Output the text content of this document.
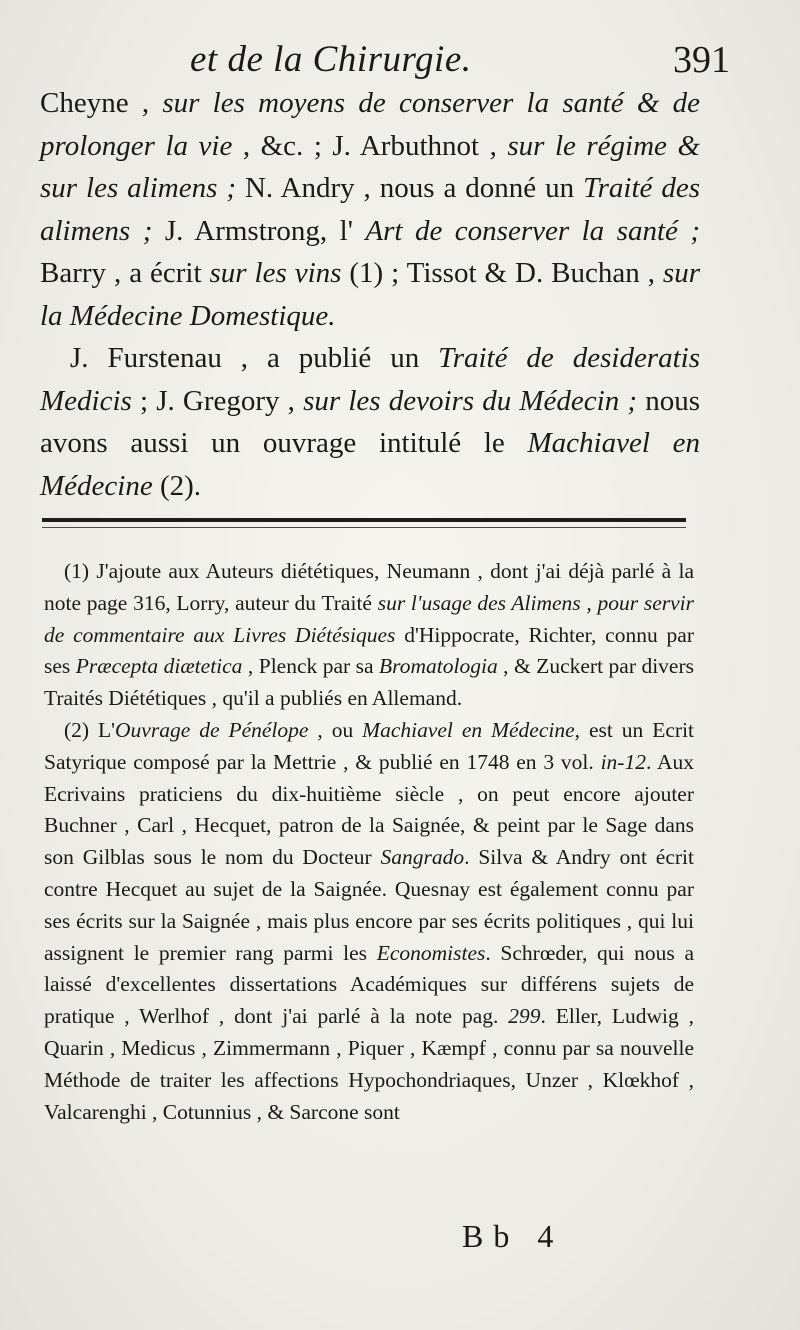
et de la Chirurgie.	391

Cheyne , sur les moyens de conserver la santé & de prolonger la vie , &c. ; J. Arbuthnot , sur le régime & sur les alimens ; N. Andry , nous a donné un Traité des alimens ; J. Armstrong, l' Art de conserver la santé ; Barry , a écrit sur les vins (1) ; Tissot & D. Buchan , sur la Médecine Domestique.

J. Furstenau , a publié un Traité de desideratis Medicis ; J. Gregory , sur les devoirs du Médecin ; nous avons aussi un ouvrage intitulé le Machiavel en Médecine (2).

(1) J'ajoute aux Auteurs diététiques, Neumann , dont j'ai déjà parlé à la note page 316, Lorry, auteur du Traité sur l'usage des Alimens , pour servir de commentaire aux Livres Diétésiques d'Hippocrate, Richter, connu par ses Præcepta diætetica , Plenck par sa Bromatologia , & Zuckert par divers Traités Diététiques , qu'il a publiés en Allemand.

(2) L'Ouvrage de Pénélope , ou Machiavel en Médecine, est un Ecrit Satyrique composé par la Mettrie , & publié en 1748 en 3 vol. in-12. Aux Ecrivains praticiens du dix-huitième siècle , on peut encore ajouter Buchner , Carl , Hecquet, patron de la Saignée, & peint par le Sage dans son Gilblas sous le nom du Docteur Sangrado. Silva & Andry ont écrit contre Hecquet au sujet de la Saignée. Quesnay est également connu par ses écrits sur la Saignée , mais plus encore par ses écrits politiques , qui lui assignent le premier rang parmi les Economistes. Schrœder, qui nous a laissé d'excellentes dissertations Académiques sur différens sujets de pratique , Werlhof , dont j'ai parlé à la note pag. 299. Eller, Ludwig , Quarin , Medicus , Zimmermann , Piquer , Kæmpf , connu par sa nouvelle Méthode de traiter les affections Hypochondriaques, Unzer , Klœkhof , Valcarenghi , Cotunnius , & Sarcone sont

Bb 4
